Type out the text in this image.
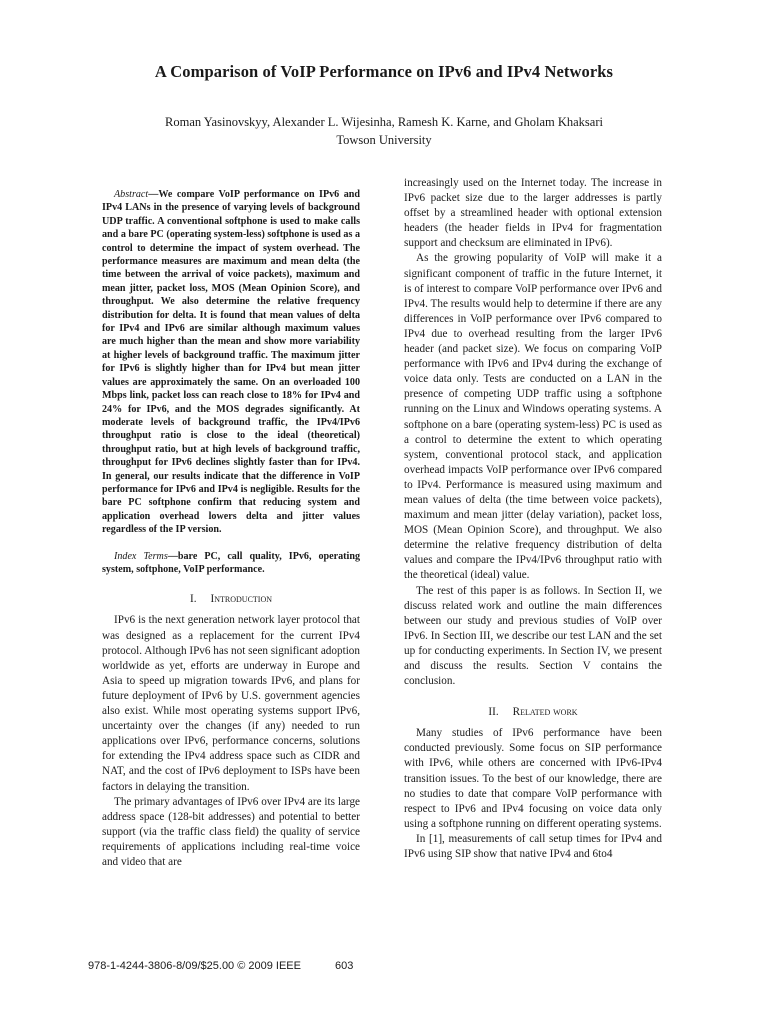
A Comparison of VoIP Performance on IPv6 and IPv4 Networks
Roman Yasinovskyy, Alexander L. Wijesinha, Ramesh K. Karne, and Gholam Khaksari
Towson University

Abstract—We compare VoIP performance on IPv6 and IPv4 LANs in the presence of varying levels of background UDP traffic. A conventional softphone is used to make calls and a bare PC (operating system-less) softphone is used as a control to determine the impact of system overhead. The performance measures are maximum and mean delta (the time between the arrival of voice packets), maximum and mean jitter, packet loss, MOS (Mean Opinion Score), and throughput. We also determine the relative frequency distribution for delta. It is found that mean values of delta for IPv4 and IPv6 are similar although maximum values are much higher than the mean and show more variability at higher levels of background traffic. The maximum jitter for IPv6 is slightly higher than for IPv4 but mean jitter values are approximately the same. On an overloaded 100 Mbps link, packet loss can reach close to 18% for IPv4 and 24% for IPv6, and the MOS degrades significantly. At moderate levels of background traffic, the IPv4/IPv6 throughput ratio is close to the ideal (theoretical) throughput ratio, but at high levels of background traffic, throughput for IPv6 declines slightly faster than for IPv4. In general, our results indicate that the difference in VoIP performance for IPv6 and IPv4 is negligible. Results for the bare PC softphone confirm that reducing system and application overhead lowers delta and jitter values regardless of the IP version.

Index Terms—bare PC, call quality, IPv6, operating system, softphone, VoIP performance.

I. Introduction

IPv6 is the next generation network layer protocol that was designed as a replacement for the current IPv4 protocol. Although IPv6 has not seen significant adoption worldwide as yet, efforts are underway in Europe and Asia to speed up migration towards IPv6, and plans for future deployment of IPv6 by U.S. government agencies also exist. While most operating systems support IPv6, uncertainty over the changes (if any) needed to run applications over IPv6, performance concerns, solutions for extending the IPv4 address space such as CIDR and NAT, and the cost of IPv6 deployment to ISPs have been factors in delaying the transition.

The primary advantages of IPv6 over IPv4 are its large address space (128-bit addresses) and potential to better support (via the traffic class field) the quality of service requirements of applications including real-time voice and video that are

increasingly used on the Internet today. The increase in IPv6 packet size due to the larger addresses is partly offset by a streamlined header with optional extension headers (the header fields in IPv4 for fragmentation support and checksum are eliminated in IPv6).

As the growing popularity of VoIP will make it a significant component of traffic in the future Internet, it is of interest to compare VoIP performance over IPv6 and IPv4. The results would help to determine if there are any differences in VoIP performance over IPv6 compared to IPv4 due to overhead resulting from the larger IPv6 header (and packet size). We focus on comparing VoIP performance with IPv6 and IPv4 during the exchange of voice data only. Tests are conducted on a LAN in the presence of competing UDP traffic using a softphone running on the Linux and Windows operating systems. A softphone on a bare (operating system-less) PC is used as a control to determine the extent to which operating system, conventional protocol stack, and application overhead impacts VoIP performance over IPv6 compared to IPv4. Performance is measured using maximum and mean values of delta (the time between voice packets), maximum and mean jitter (delay variation), packet loss, MOS (Mean Opinion Score), and throughput. We also determine the relative frequency distribution of delta values and compare the IPv4/IPv6 throughput ratio with the theoretical (ideal) value.

The rest of this paper is as follows. In Section II, we discuss related work and outline the main differences between our study and previous studies of VoIP over IPv6. In Section III, we describe our test LAN and the set up for conducting experiments. In Section IV, we present and discuss the results. Section V contains the conclusion.

II. Related work

Many studies of IPv6 performance have been conducted previously. Some focus on SIP performance with IPv6, while others are concerned with IPv6-IPv4 transition issues. To the best of our knowledge, there are no studies to date that compare VoIP performance with respect to IPv6 and IPv4 focusing on voice data only using a softphone running on different operating systems.

In [1], measurements of call setup times for IPv4 and IPv6 using SIP show that native IPv4 and 6to4

978-1-4244-3806-8/09/$25.00 © 2009 IEEE	603
